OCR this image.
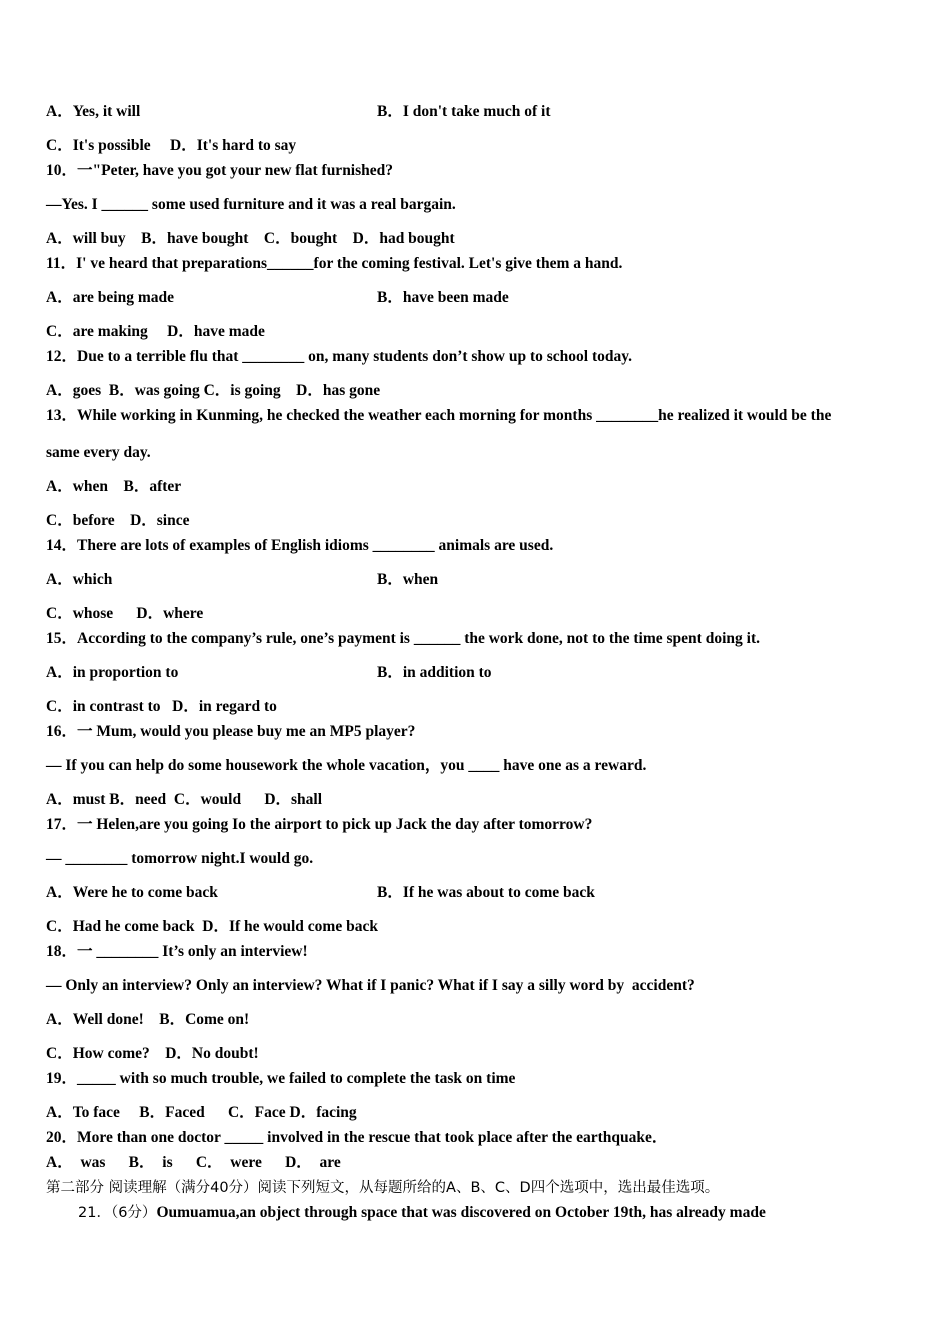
A．Yes, it will	B．I don't take much of it
C．It's possible     D．It's hard to say
10．一"Peter, have you got your new flat furnished?
—Yes. I ______ some used furniture and it was a real bargain.
A．will buy    B．have bought    C．bought    D．had bought
11．I' ve heard that preparations______for the coming festival. Let's give them a hand.
A．are being made	B．have been made
C．are making     D．have made
12．Due to a terrible flu that ________ on, many students don’t show up to school today.
A．goes  B．was going C．is going    D．has gone
13．While working in Kunming, he checked the weather each morning for months ________he realized it would be the
same every day.
A．when    B．after
C．before    D．since
14．There are lots of examples of English idioms ________ animals are used.
A．which	B．when
C．whose      D．where
15．According to the company’s rule, one’s payment is ______ the work done, not to the time spent doing it.
A．in proportion to	B．in addition to
C．in contrast to   D．in regard to
16．一 Mum, would you please buy me an MP5 player?
— If you can help do some housework the whole vacation，you ____ have one as a reward.
A．must B．need  C．would      D．shall
17．一 Helen,are you going Io the airport to pick up Jack the day after tomorrow?
— ________ tomorrow night.I would go.
A．Were he to come back	B．If he was about to come back
C．Had he come back  D．If he would come back
18．一 ________ It’s only an interview!
— Only an interview? Only an interview? What if I panic? What if I say a silly word by  accident?
A．Well done!    B．Come on!
C．How come?    D．No doubt!
19．_____ with so much trouble, we failed to complete the task on time
A．To face     B．Faced      C．Face D．facing
20．More than one doctor _____ involved in the rescue that took place after the earthquake．
A．  was      B．  is      C．  were      D．  are
第二部分 阅读理解（满分40分）阅读下列短文，从每题所给的A、B、C、D四个选项中，选出最佳选项。
21．（6分）Oumuamua,an object through space that was discovered on October 19th, has already made
